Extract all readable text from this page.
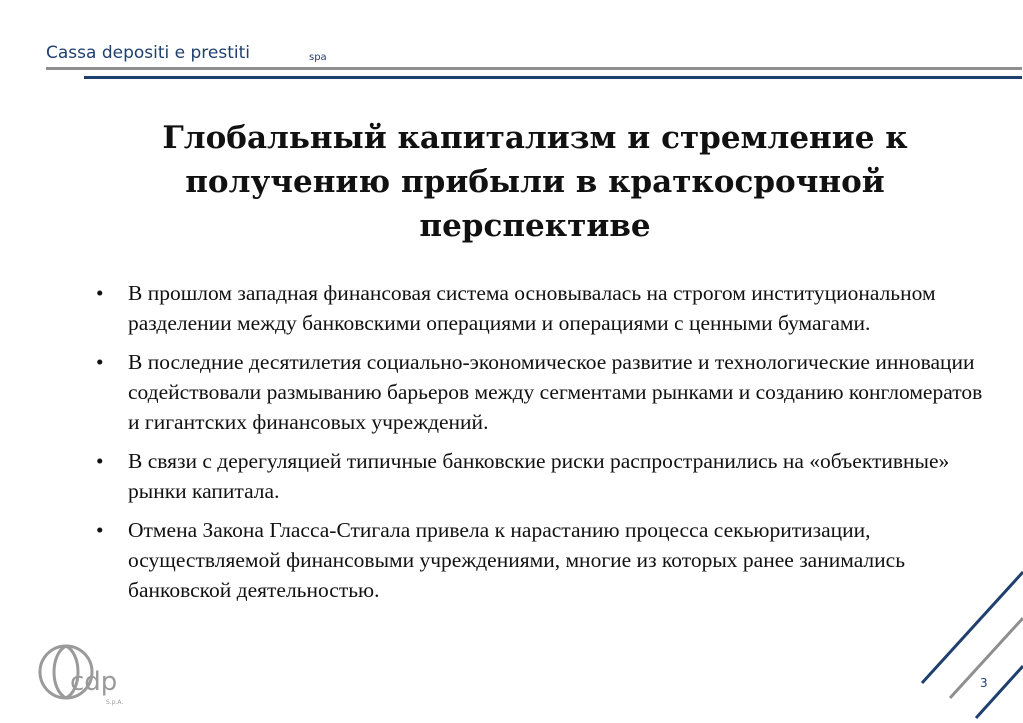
Cassa depositi e prestiti	spa
Глобальный капитализм и стремление к получению прибыли в краткосрочной перспективе
•	В прошлом западная финансовая система основывалась на строгом институциональном разделении между банковскими операциями и операциями с ценными бумагами.
•	В последние десятилетия социально-экономическое развитие и технологические инновации содействовали размыванию барьеров между сегментами рынками и созданию конгломератов и гигантских финансовых учреждений.
•	В связи с дерегуляцией типичные банковские риски распространились на «объективные» рынки капитала.
•	Отмена Закона Гласса-Стигала привела к нарастанию процесса секьюритизации, осуществляемой финансовыми учреждениями, многие из которых ранее занимались банковской деятельностью.
cdp
S.p.A.
3
